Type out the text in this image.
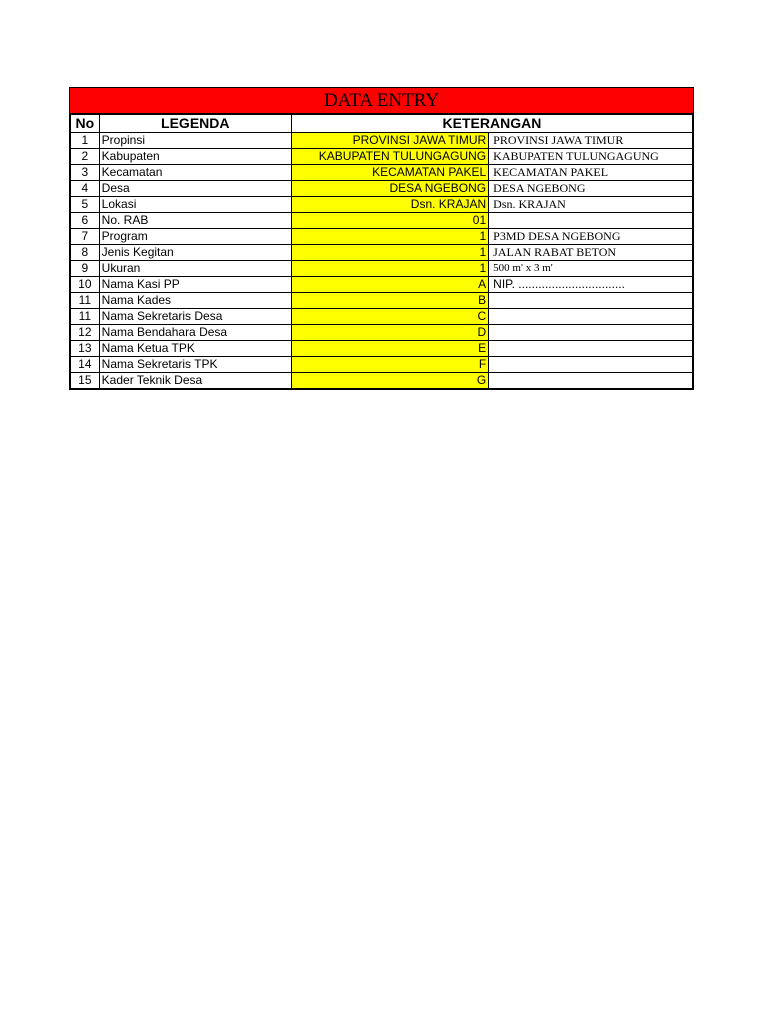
DATA ENTRY
No	LEGENDA	KETERANGAN	
1	Propinsi	PROVINSI JAWA TIMUR	PROVINSI JAWA TIMUR
2	Kabupaten	KABUPATEN TULUNGAGUNG	KABUPATEN TULUNGAGUNG
3	Kecamatan	KECAMATAN PAKEL	KECAMATAN PAKEL
4	Desa	DESA NGEBONG	DESA NGEBONG
5	Lokasi	Dsn. KRAJAN	Dsn. KRAJAN
6	No. RAB	01	
7	Program	1	P3MD DESA NGEBONG
8	Jenis Kegitan	1	JALAN RABAT BETON
9	Ukuran	1	500 m' x 3 m'
10	Nama Kasi PP	A	NIP. ................................
11	Nama Kades	B	
11	Nama Sekretaris Desa	C	
12	Nama Bendahara Desa	D	
13	Nama Ketua TPK	E	
14	Nama Sekretaris TPK	F	
15	Kader Teknik Desa	G	
